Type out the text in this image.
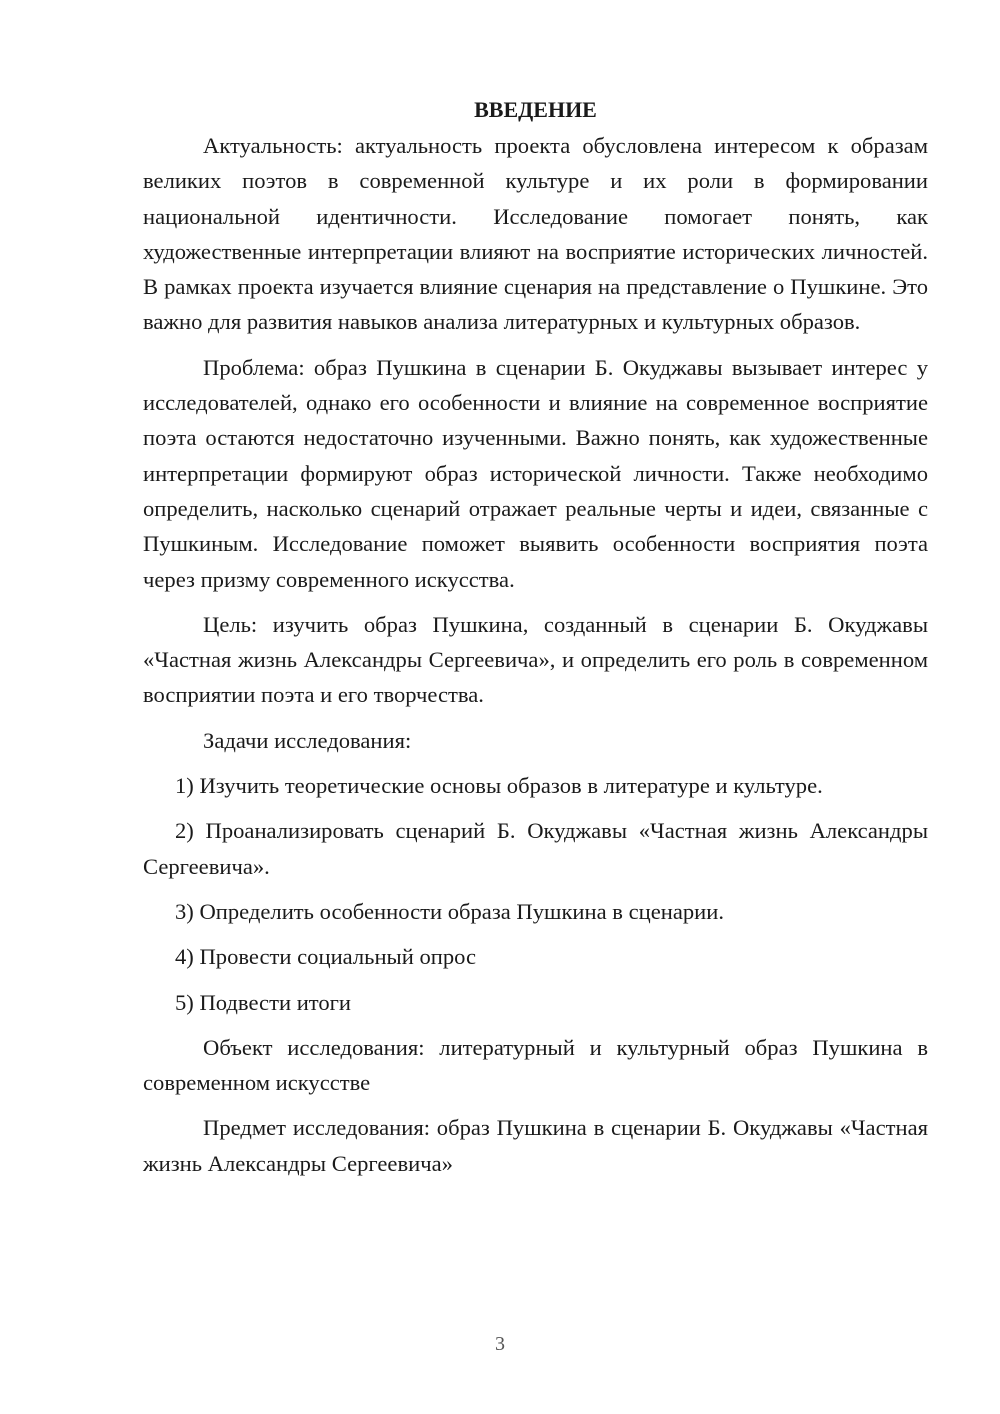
ВВЕДЕНИЕ

Актуальность: актуальность проекта обусловлена интересом к образам великих поэтов в современной культуре и их роли в формировании национальной идентичности. Исследование помогает понять, как художественные интерпретации влияют на восприятие исторических личностей. В рамках проекта изучается влияние сценария на представление о Пушкине. Это важно для развития навыков анализа литературных и культурных образов.

Проблема: образ Пушкина в сценарии Б. Окуджавы вызывает интерес у исследователей, однако его особенности и влияние на современное восприятие поэта остаются недостаточно изученными. Важно понять, как художественные интерпретации формируют образ исторической личности. Также необходимо определить, насколько сценарий отражает реальные черты и идеи, связанные с Пушкиным. Исследование поможет выявить особенности восприятия поэта через призму современного искусства.

Цель: изучить образ Пушкина, созданный в сценарии Б. Окуджавы «Частная жизнь Александры Сергеевича», и определить его роль в современном восприятии поэта и его творчества.

Задачи исследования:

1) Изучить теоретические основы образов в литературе и культуре.

2) Проанализировать сценарий Б. Окуджавы «Частная жизнь Александры Сергеевича».

3) Определить особенности образа Пушкина в сценарии.

4) Провести социальный опрос

5) Подвести итоги

Объект исследования: литературный и культурный образ Пушкина в современном искусстве

Предмет исследования: образ Пушкина в сценарии Б. Окуджавы «Частная жизнь Александры Сергеевича»

3
